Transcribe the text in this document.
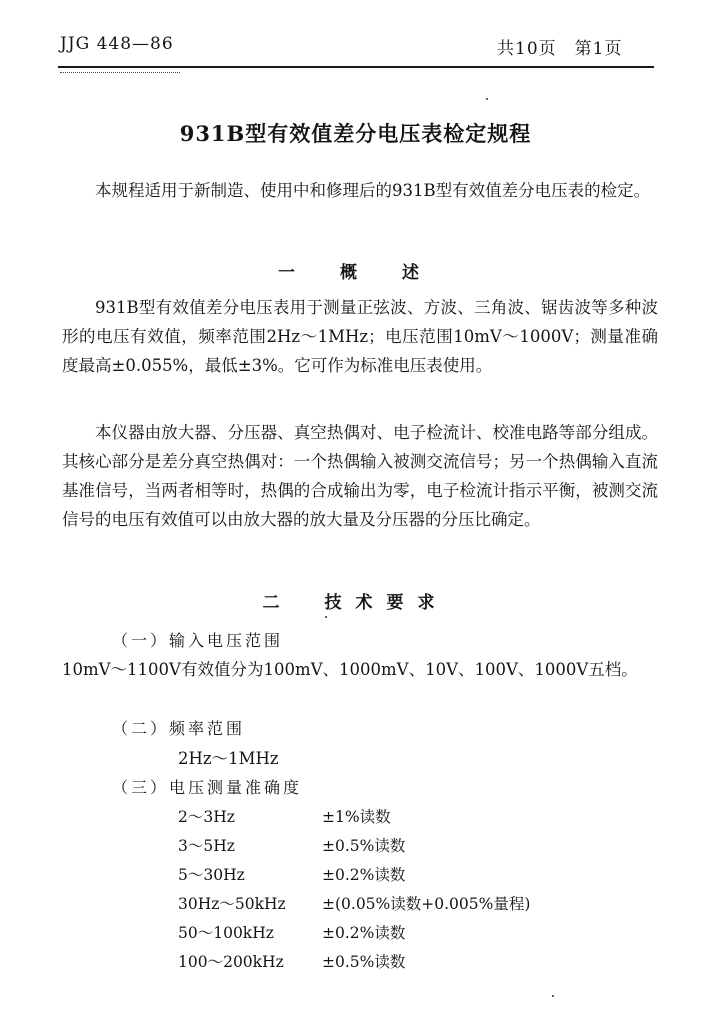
JJG 448—86	共10页　第1页
931B型有效值差分电压表检定规程
本规程适用于新制造、使用中和修理后的931B型有效值差分电压表的检定。
一　概　述
931B型有效值差分电压表用于测量正弦波、方波、三角波、锯齿波等多种波形的电压有效值，频率范围2Hz～1MHz；电压范围10mV～1000V；测量准确度最高±0.055%，最低±3%。它可作为标准电压表使用。
本仪器由放大器、分压器、真空热偶对、电子检流计、校准电路等部分组成。其核心部分是差分真空热偶对：一个热偶输入被测交流信号；另一个热偶输入直流基准信号，当两者相等时，热偶的合成输出为零，电子检流计指示平衡，被测交流信号的电压有效值可以由放大器的放大量及分压器的分压比确定。
二　技术要求
（一）输入电压范围
10mV～1100V有效值分为100mV、1000mV、10V、100V、1000V五档。
（二）频率范围
2Hz～1MHz
（三）电压测量准确度
2～3Hz	±1%读数
3～5Hz	±0.5%读数
5～30Hz	±0.2%读数
30Hz～50kHz ±(0.05%读数+0.005%量程)
50～100kHz	±0.2%读数
100～200kHz ±0.5%读数
